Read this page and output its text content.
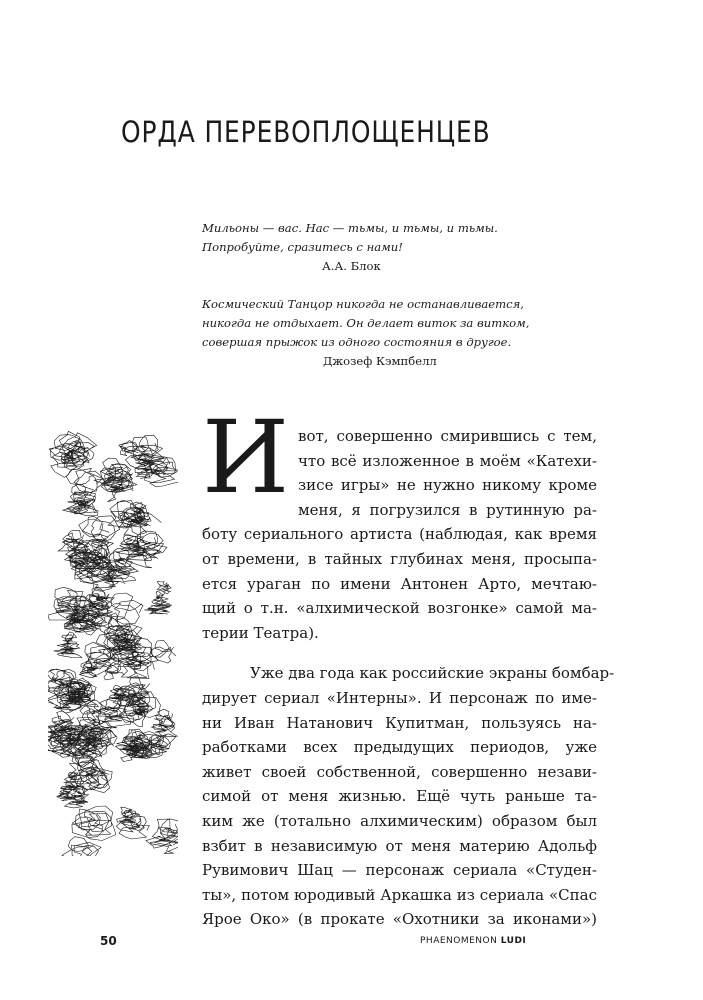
ОРДА ПЕРЕВОПЛОЩЕНЦЕВ
Мильоны — вас. Нас — тьмы, и тьмы, и тьмы.
Попробуйте, сразитесь с нами!
А.А. Блок
Космический Танцор никогда не останавливается,
никогда не отдыхает. Он делает виток за витком,
совершая прыжок из одного состояния в другое.
Джозеф Кэмпбелл
И вот, совершенно смирившись с тем,
что всё изложенное в моём «Катехи-
зисе игры» не нужно никому кроме
меня, я погрузился в рутинную ра-
боту сериального артиста (наблюдая, как время
от времени, в тайных глубинах меня, просыпа-
ется ураган по имени Антонен Арто, мечтаю-
щий о т.н. «алхимической возгонке» самой ма-
терии Театра).
Уже два года как российские экраны бомбар-
дирует сериал «Интерны». И персонаж по име-
ни Иван Натанович Купитман, пользуясь на-
работками всех предыдущих периодов, уже
живет своей собственной, совершенно незави-
симой от меня жизнью. Ещё чуть раньше та-
ким же (тотально алхимическим) образом был
взбит в независимую от меня материю Адольф
Рувимович Шац — персонаж сериала «Студен-
ты», потом юродивый Аркашка из сериала «Спас
Ярое Око» (в прокате «Охотники за иконами»)
50	PHAENOMENON LUDI
